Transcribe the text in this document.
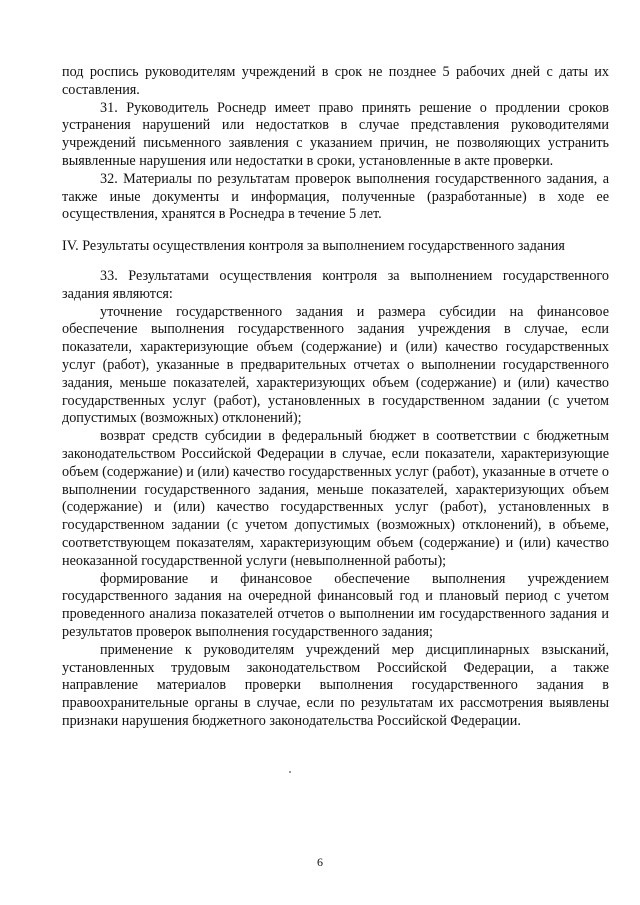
под роспись руководителям учреждений в срок не позднее 5 рабочих дней с даты их составления.

31. Руководитель Роснедр имеет право принять решение о продлении сроков устранения нарушений или недостатков в случае представления руководителями учреждений письменного заявления с указанием причин, не позволяющих устранить выявленные нарушения или недостатки в сроки, установленные в акте проверки.

32. Материалы по результатам проверок выполнения государственного задания, а также иные документы и информация, полученные (разработанные) в ходе ее осуществления, хранятся в Роснедра в течение 5 лет.

IV. Результаты осуществления контроля за выполнением государственного задания

33. Результатами осуществления контроля за выполнением государственного задания являются:

уточнение государственного задания и размера субсидии на финансовое обеспечение выполнения государственного задания учреждения в случае, если показатели, характеризующие объем (содержание) и (или) качество государственных услуг (работ), указанные в предварительных отчетах о выполнении государственного задания, меньше показателей, характеризующих объем (содержание) и (или) качество государственных услуг (работ), установленных в государственном задании (с учетом допустимых (возможных) отклонений);

возврат средств субсидии в федеральный бюджет в соответствии с бюджетным законодательством Российской Федерации в случае, если показатели, характеризующие объем (содержание) и (или) качество государственных услуг (работ), указанные в отчете о выполнении государственного задания, меньше показателей, характеризующих объем (содержание) и (или) качество государственных услуг (работ), установленных в государственном задании (с учетом допустимых (возможных) отклонений), в объеме, соответствующем показателям, характеризующим объем (содержание) и (или) качество неоказанной государственной услуги (невыполненной работы);

формирование и финансовое обеспечение выполнения учреждением государственного задания на очередной финансовый год и плановый период с учетом проведенного анализа показателей отчетов о выполнении им государственного задания и результатов проверок выполнения государственного задания;

применение к руководителям учреждений мер дисциплинарных взысканий, установленных трудовым законодательством Российской Федерации, а также направление материалов проверки выполнения государственного задания в правоохранительные органы в случае, если по результатам их рассмотрения выявлены признаки нарушения бюджетного законодательства Российской Федерации.

6
